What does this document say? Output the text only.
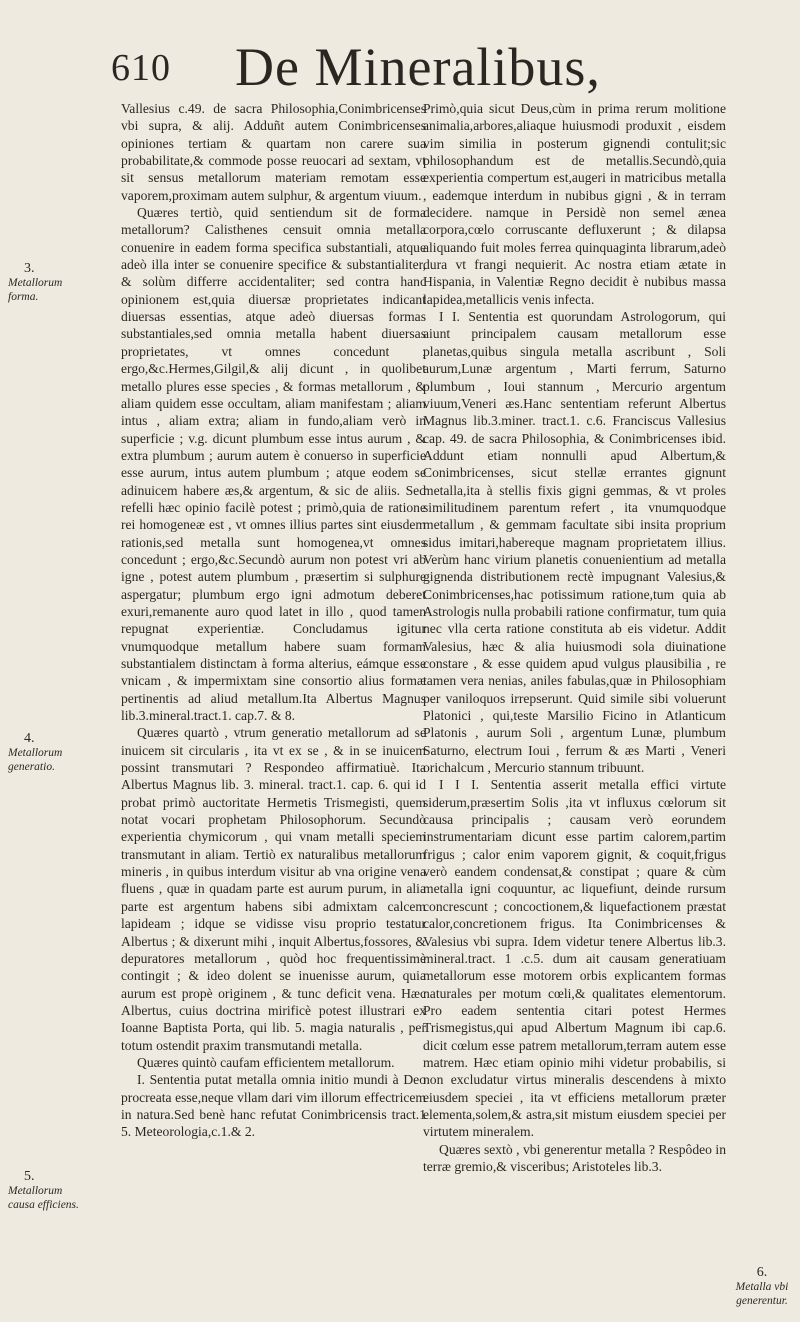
610 De Mineralibus,

Vallesius c.49. de sacra Philosophia,Conimbricenses vbi supra, & alij. Adduñt autem Conimbricenses opiniones tertiam & quartam non carere sua probabilitate,& commode posse reuocari ad sextam, vt sit sensus metallorum materiam remotam esse vaporem,proximam autem sulphur, & argentum viuum.

Quæres tertiò, quid sentiendum sit de forma metallorum? Calisthenes censuit omnia metalla conuenire in eadem forma specifica substantiali, atque adeò illa inter se conuenire specifice & substantialiter, & solùm differre accidentaliter; sed contra hanc opinionem est,quia diuersæ proprietates indicant diuersas essentias, atque adeò diuersas formas substantiales,sed omnia metalla habent diuersas proprietates, vt omnes concedunt ; ergo,&c.Hermes,Gilgil,& alij dicunt , in quolibet metallo plures esse species , & formas metallorum , & aliam quidem esse occultam, aliam manifestam ; aliam intus , aliam extra; aliam in fundo,aliam verò in superficie ; v.g. dicunt plumbum esse intus aurum , & extra plumbum ; aurum autem è conuerso in superficie esse aurum, intus autem plumbum ; atque eodem se adinuicem habere æs,& argentum, & sic de aliis. Sed refelli hæc opinio facilè potest ; primò,quia de ratione rei homogeneæ est , vt omnes illius partes sint eiusdem rationis,sed metalla sunt homogenea,vt omnes concedunt ; ergo,&c.Secundò aurum non potest vri ab igne , potest autem plumbum , præsertim si sulphure aspergatur; plumbum ergo igni admotum deberet exuri,remanente auro quod latet in illo , quod tamen repugnat experientiæ. Concludamus igitur vnumquodque metallum habere suam formam substantialem distinctam à forma alterius, eámque esse vnicam , & impermixtam sine consortio alius formæ pertinentis ad aliud metallum.Ita Albertus Magnus lib.3.mineral.tract.1. cap.7. & 8.

Quæres quartò , vtrum generatio metallorum ad se inuicem sit circularis , ita vt ex se , & in se inuicem possint transmutari ? Respondeo affirmatiuè. Ita Albertus Magnus lib. 3. mineral. tract.1. cap. 6. qui id probat primò auctoritate Hermetis Trismegisti, quem notat vocari prophetam Philosophorum. Secundò experientia chymicorum , qui vnam metalli speciem transmutant in aliam. Tertiò ex naturalibus metallorum mineris , in quibus interdum visitur ab vna origine vena fluens , quæ in quadam parte est aurum purum, in alia parte est argentum habens sibi admixtam calcem lapideam ; idque se vidisse visu proprio testatur Albertus ; & dixerunt mihi , inquit Albertus,fossores, & depuratores metallorum , quòd hoc frequentissimè contingit ; & ideo dolent se inuenisse aurum, quia aurum est propè originem , & tunc deficit vena. Hæc Albertus, cuius doctrina mirificè potest illustrari ex Ioanne Baptista Porta, qui lib. 5. magia naturalis , per totum ostendit praxim transmutandi metalla.

Quæres quintò caufam efficientem metallorum.

I. Sententia putat metalla omnia initio mundi à Deo procreata esse,neque vllam dari vim illorum effectricem in natura.Sed benè hanc refutat Conimbricensis tract.1 5. Meteorologia,c.1.& 2.

Primò,quia sicut Deus,cùm in prima rerum molitione animalia,arbores,aliaque huiusmodi produxit , eisdem vim similia in posterum gignendi contulit;sic philosophandum est de metallis.Secundò,quia experientia compertum est,augeri in matricibus metalla , eademque interdum in nubibus gigni , & in terram decidere. namque in Persidè non semel ænea corpora,cœlo corruscante defluxerunt ; & dilapsa aliquando fuit moles ferrea quinquaginta librarum,adeò dura vt frangi nequierit. Ac nostra etiam ætate in Hispania, in Valentiæ Regno decidit è nubibus massa lapidea,metallicis venis infecta.

I I. Sententia est quorundam Astrologorum, qui aiunt principalem causam metallorum esse planetas,quibus singula metalla ascribunt , Soli aurum,Lunæ argentum , Marti ferrum, Saturno plumbum , Ioui stannum , Mercurio argentum viuum,Veneri æs.Hanc sententiam referunt Albertus Magnus lib.3.miner. tract.1. c.6. Franciscus Vallesius cap. 49. de sacra Philosophia, & Conimbricenses ibid. Addunt etiam nonnulli apud Albertum,& Conimbricenses, sicut stellæ errantes gignunt metalla,ita à stellis fixis gigni gemmas, & vt proles similitudinem parentum refert , ita vnumquodque metallum , & gemmam facultate sibi insita proprium sidus imitari,habereque magnam proprietatem illius. Verùm hanc virium planetis conuenientium ad metalla gignenda distributionem rectè impugnant Valesius,& Conimbricenses,hac potissimum ratione,tum quia ab Astrologis nulla probabili ratione confirmatur, tum quia nec vlla certa ratione constituta ab eis videtur. Addit Valesius, hæc & alia huiusmodi sola diuinatione constare , & esse quidem apud vulgus plausibilia , re tamen vera nenias, aniles fabulas,quæ in Philosophiam per vaniloquos irrepserunt. Quid simile sibi voluerunt Platonici , qui,teste Marsilio Ficino in Atlanticum Platonis , aurum Soli , argentum Lunæ, plumbum Saturno, electrum Ioui , ferrum & æs Marti , Veneri orichalcum , Mercurio stannum tribuunt.

I I I. Sententia asserit metalla effici virtute siderum,præsertim Solis ,ita vt influxus cœlorum sit causa principalis ; causam verò eorundem instrumentariam dicunt esse partim calorem,partim frigus ; calor enim vaporem gignit, & coquit,frigus verò eandem condensat,& constipat ; quare & cùm metalla igni coquuntur, ac liquefiunt, deinde rursum concrescunt ; concoctionem,& liquefactionem præstat calor,concretionem frigus. Ita Conimbricenses & Valesius vbi supra. Idem videtur tenere Albertus lib.3. mineral.tract. 1 .c.5. dum ait causam generatiuam metallorum esse motorem orbis explicantem formas naturales per motum cœli,& qualitates elementorum. Pro eadem sententia citari potest Hermes Trismegistus,qui apud Albertum Magnum ibi cap.6. dicit cœlum esse patrem metallorum,terram autem esse matrem. Hæc etiam opinio mihi videtur probabilis, si non excludatur virtus mineralis descendens à mixto eiusdem speciei , ita vt efficiens metallorum præter elementa,solem,& astra,sit mistum eiusdem speciei per virtutem mineralem.

Quæres sextò , vbi generentur metalla ? Respôdeo in terræ gremio,& visceribus; Aristoteles lib.3.

3.
Metallorum forma.
4.
Metallorum generatio.
5.
Metallorum causa efficiens.
6.
Metalla vbi generentur.
